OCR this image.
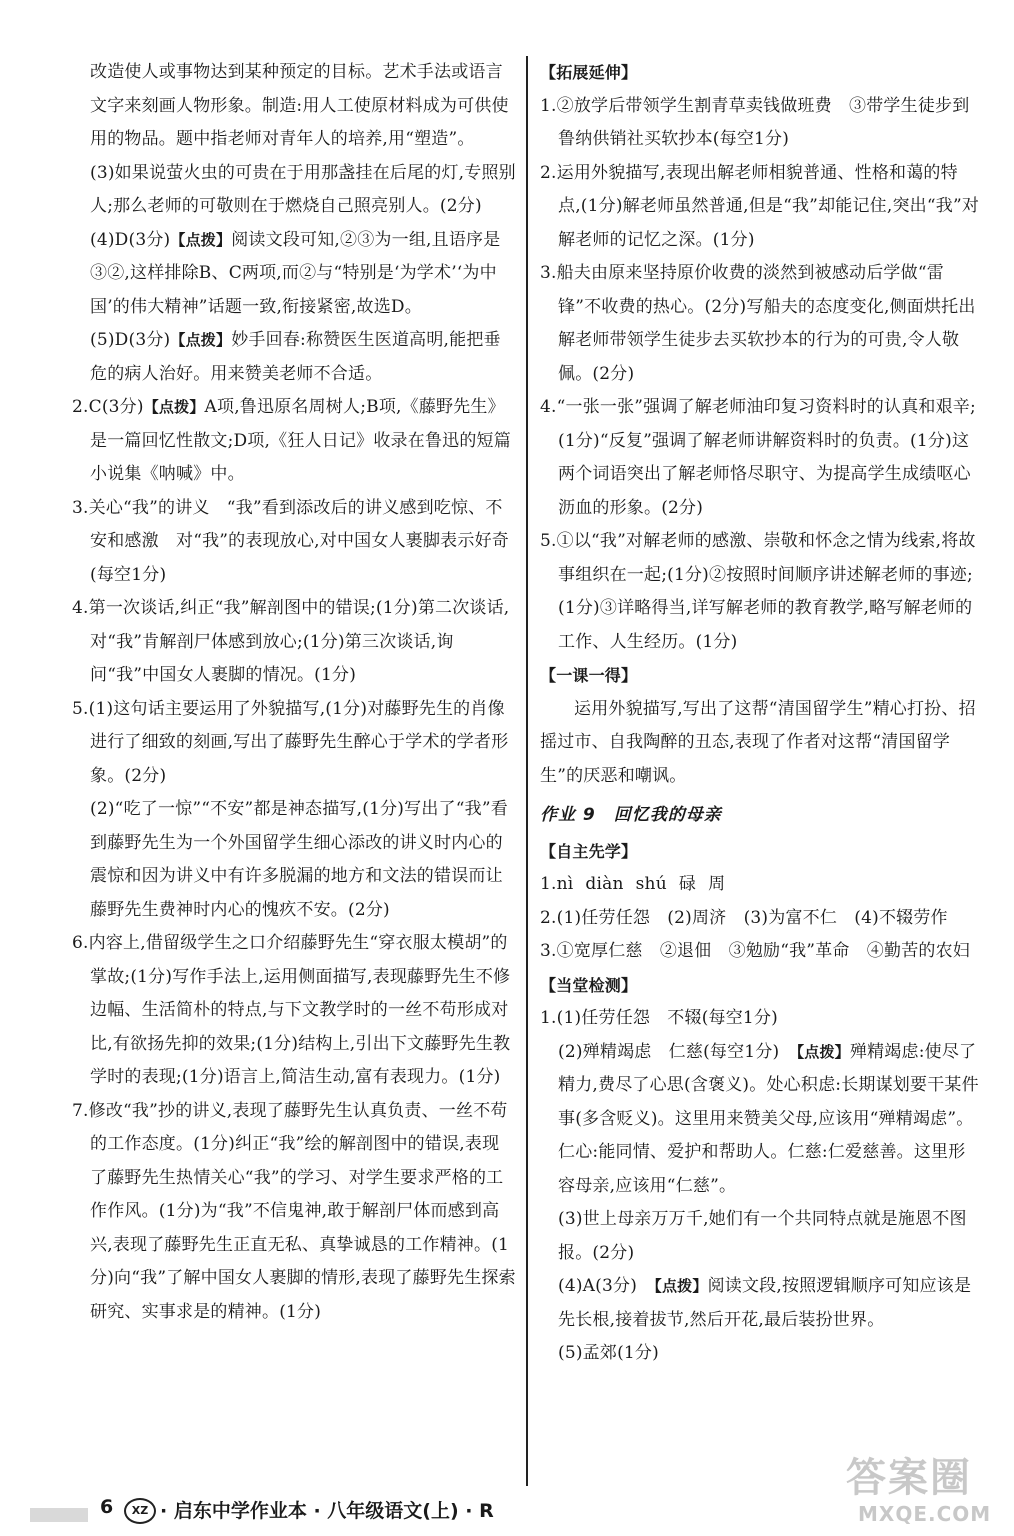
改造使人或事物达到某种预定的目标。艺术手法或语言文字来刻画人物形象。制造:用人工使原材料成为可供使用的物品。题中指老师对青年人的培养,用“塑造”。

(3)如果说萤火虫的可贵在于用那盏挂在后尾的灯,专照别人;那么老师的可敬则在于燃烧自己照亮别人。(2分)

(4)D(3分)【点拨】阅读文段可知,②③为一组,且语序是③②,这样排除B、C两项,而②与“特别是‘为学术’‘为中国’的伟大精神”话题一致,衔接紧密,故选D。

(5)D(3分)【点拨】妙手回春:称赞医生医道高明,能把垂危的病人治好。用来赞美老师不合适。

2.C(3分)【点拨】A项,鲁迅原名周树人;B项,《藤野先生》是一篇回忆性散文;D项,《狂人日记》收录在鲁迅的短篇小说集《呐喊》中。

3.关心“我”的讲义　“我”看到添改后的讲义感到吃惊、不安和感激　对“我”的表现放心,对中国女人裹脚表示好奇(每空1分)

4.第一次谈话,纠正“我”解剖图中的错误;(1分)第二次谈话,对“我”肯解剖尸体感到放心;(1分)第三次谈话,询问“我”中国女人裹脚的情况。(1分)

5.(1)这句话主要运用了外貌描写,(1分)对藤野先生的肖像进行了细致的刻画,写出了藤野先生醉心于学术的学者形象。(2分)

(2)“吃了一惊”“不安”都是神态描写,(1分)写出了“我”看到藤野先生为一个外国留学生细心添改的讲义时内心的震惊和因为讲义中有许多脱漏的地方和文法的错误而让藤野先生费神时内心的愧疚不安。(2分)

6.内容上,借留级学生之口介绍藤野先生“穿衣服太模胡”的掌故;(1分)写作手法上,运用侧面描写,表现藤野先生不修边幅、生活简朴的特点,与下文教学时的一丝不苟形成对比,有欲扬先抑的效果;(1分)结构上,引出下文藤野先生教学时的表现;(1分)语言上,简洁生动,富有表现力。(1分)

7.修改“我”抄的讲义,表现了藤野先生认真负责、一丝不苟的工作态度。(1分)纠正“我”绘的解剖图中的错误,表现了藤野先生热情关心“我”的学习、对学生要求严格的工作作风。(1分)为“我”不信鬼神,敢于解剖尸体而感到高兴,表现了藤野先生正直无私、真挚诚恳的工作精神。(1分)向“我”了解中国女人裹脚的情形,表现了藤野先生探索研究、实事求是的精神。(1分)

【拓展延伸】

1.②放学后带领学生割青草卖钱做班费　③带学生徒步到鲁纳供销社买软抄本(每空1分)

2.运用外貌描写,表现出解老师相貌普通、性格和蔼的特点,(1分)解老师虽然普通,但是“我”却能记住,突出“我”对解老师的记忆之深。(1分)

3.船夫由原来坚持原价收费的淡然到被感动后学做“雷锋”不收费的热心。(2分)写船夫的态度变化,侧面烘托出解老师带领学生徒步去买软抄本的行为的可贵,令人敬佩。(2分)

4.“一张一张”强调了解老师油印复习资料时的认真和艰辛;(1分)“反复”强调了解老师讲解资料时的负责。(1分)这两个词语突出了解老师恪尽职守、为提高学生成绩呕心沥血的形象。(2分)

5.①以“我”对解老师的感激、崇敬和怀念之情为线索,将故事组织在一起;(1分)②按照时间顺序讲述解老师的事迹;(1分)③详略得当,详写解老师的教育教学,略写解老师的工作、人生经历。(1分)

【一课一得】

运用外貌描写,写出了这帮“清国留学生”精心打扮、招摇过市、自我陶醉的丑态,表现了作者对这帮“清国留学生”的厌恶和嘲讽。

作业 9 回忆我的母亲

【自主先学】

1.nì diàn shú 碌 周

2.(1)任劳任怨　(2)周济　(3)为富不仁　(4)不辍劳作

3.①宽厚仁慈　②退佃　③勉励“我”革命　④勤苦的农妇

【当堂检测】

1.(1)任劳任怨　不辍(每空1分)

(2)殚精竭虑　仁慈(每空1分)　 【点拨】殚精竭虑:使尽了精力,费尽了心思(含褒义)。处心积虑:长期谋划要干某件事(多含贬义)。这里用来赞美父母,应该用“殚精竭虑”。仁心:能同情、爱护和帮助人。仁慈:仁爱慈善。这里形容母亲,应该用“仁慈”。

(3)世上母亲万万千,她们有一个共同特点就是施恩不图报。(2分)

(4)A(3分)　 【点拨】阅读文段,按照逻辑顺序可知应该是先长根,接着拔节,然后开花,最后装扮世界。

(5)孟郊(1分)

6	XZ · 启东中学作业本 · 八年级语文(上) · R
答案圈
MXQE.COM
